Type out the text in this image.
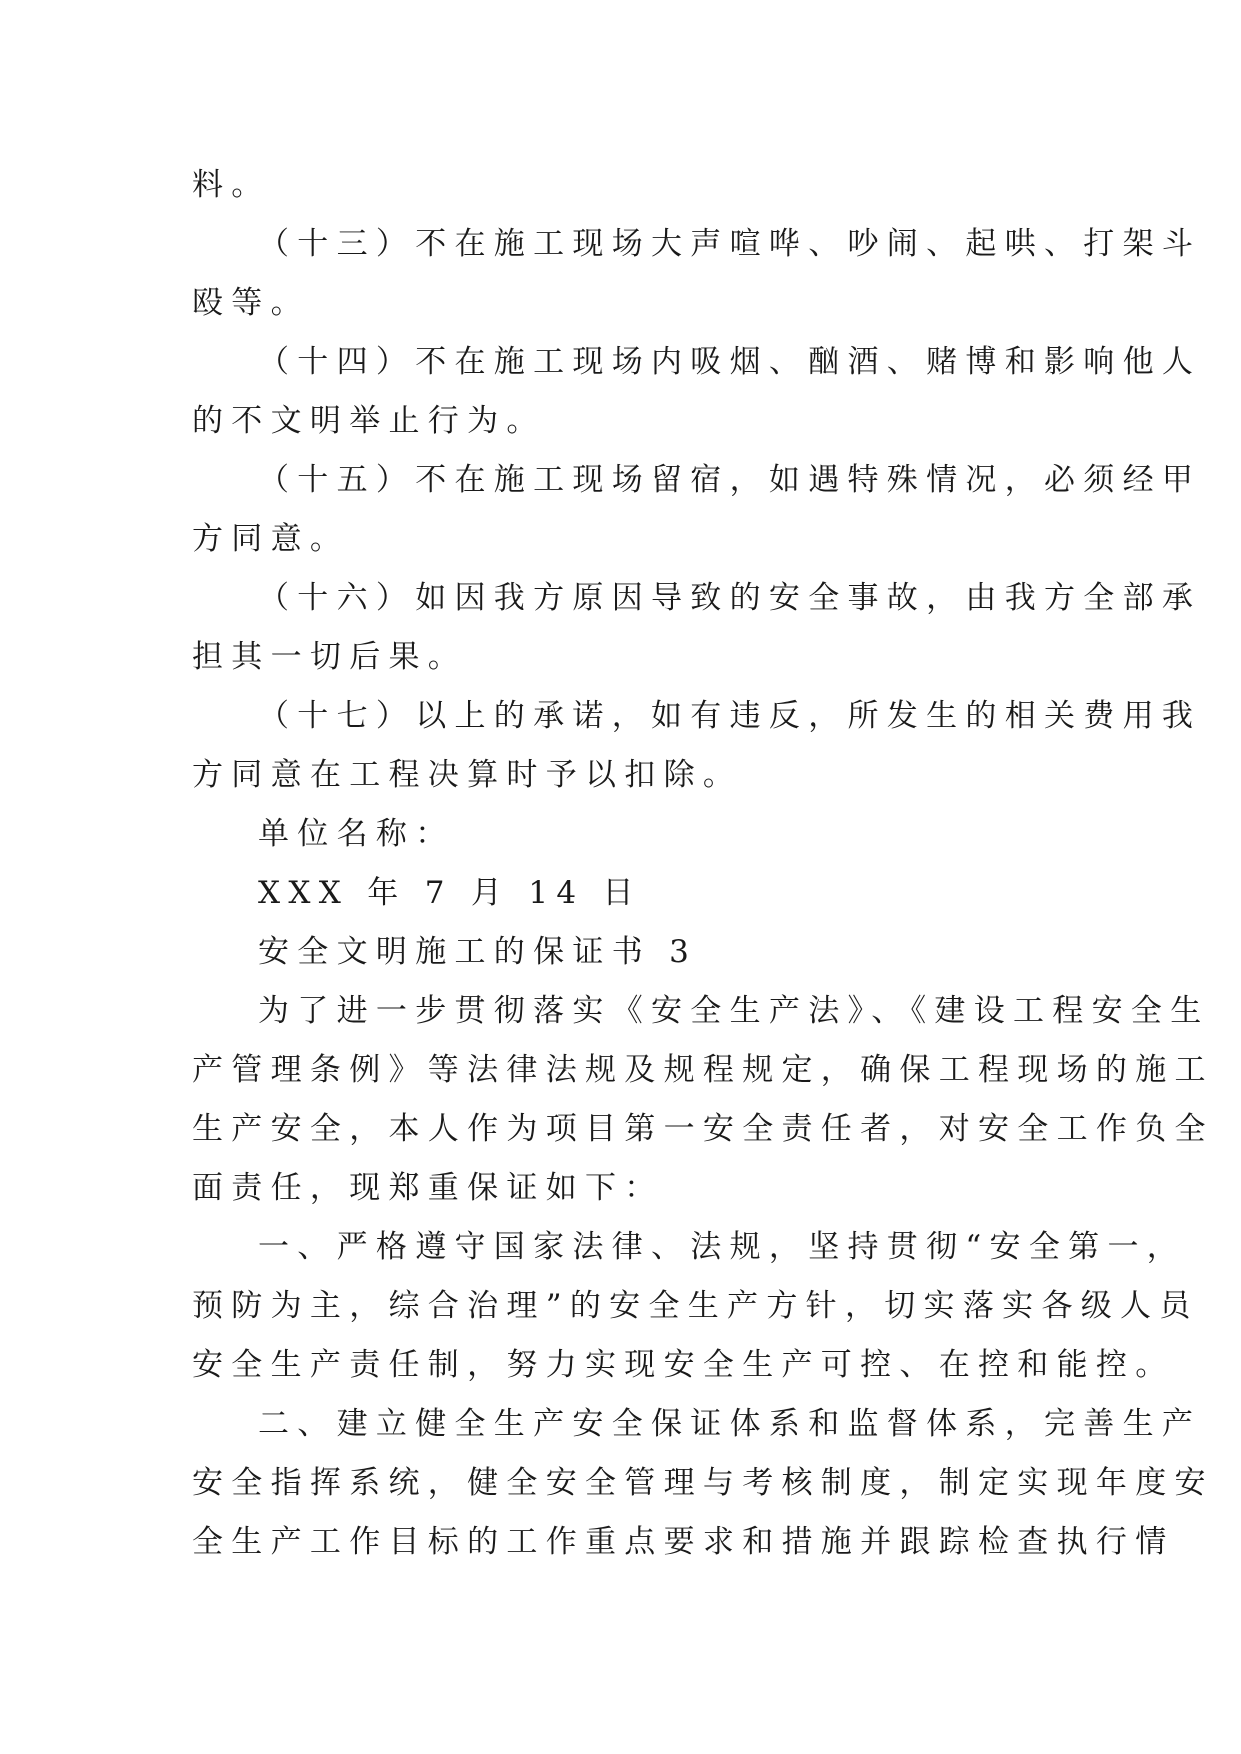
料。
（十三）不在施工现场大声喧哗、吵闹、起哄、打架斗
殴等。
（十四）不在施工现场内吸烟、酗酒、赌博和影响他人
的不文明举止行为。
（十五）不在施工现场留宿，如遇特殊情况，必须经甲
方同意。
（十六）如因我方原因导致的安全事故，由我方全部承
担其一切后果。
（十七）以上的承诺，如有违反，所发生的相关费用我
方同意在工程决算时予以扣除。
单位名称：
XXX 年 7 月 14 日
安全文明施工的保证书 3
为了进一步贯彻落实《安全生产法》、《建设工程安全生
产管理条例》等法律法规及规程规定，确保工程现场的施工
生产安全，本人作为项目第一安全责任者，对安全工作负全
面责任，现郑重保证如下：
一、严格遵守国家法律、法规，坚持贯彻“安全第一，
预防为主，综合治理”的安全生产方针，切实落实各级人员
安全生产责任制，努力实现安全生产可控、在控和能控。
二、建立健全生产安全保证体系和监督体系，完善生产
安全指挥系统，健全安全管理与考核制度，制定实现年度安
全生产工作目标的工作重点要求和措施并跟踪检查执行情
